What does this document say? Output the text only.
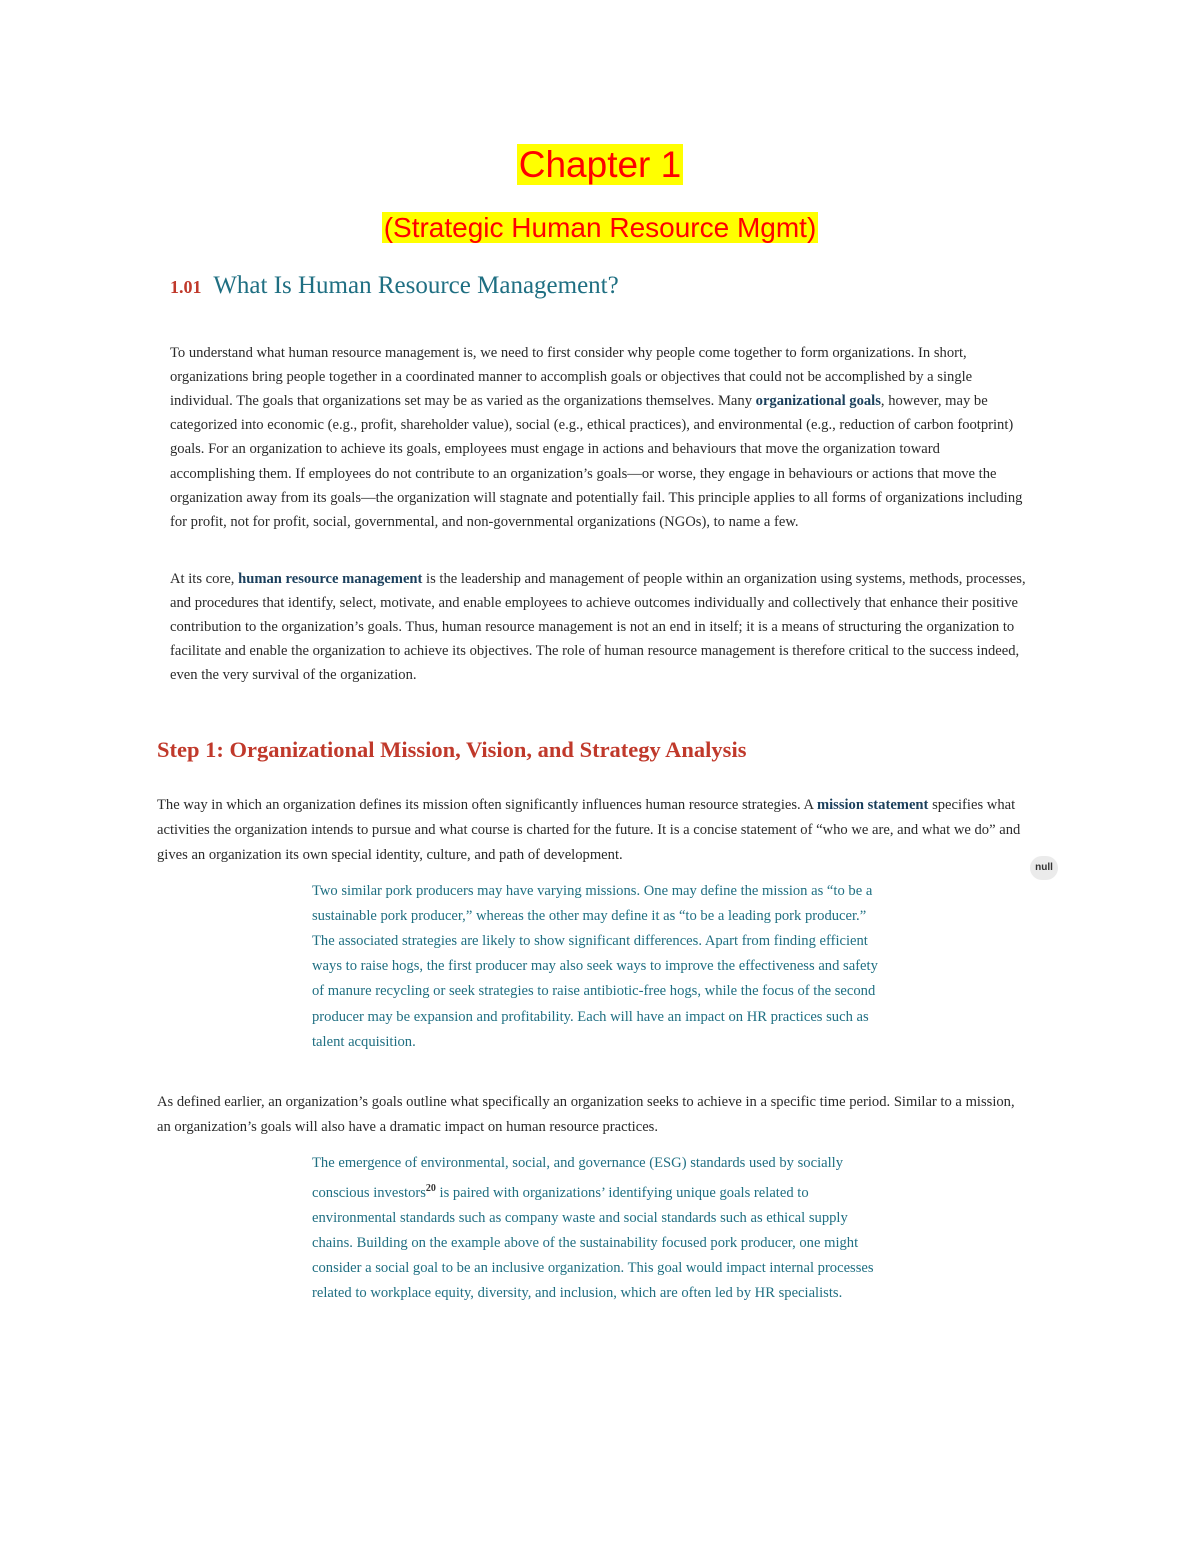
Chapter 1
(Strategic Human Resource Mgmt)
1.01 What Is Human Resource Management?

To understand what human resource management is, we need to first consider why people come together to form organizations. In short, organizations bring people together in a coordinated manner to accomplish goals or objectives that could not be accomplished by a single individual. The goals that organizations set may be as varied as the organizations themselves. Many organizational goals, however, may be categorized into economic (e.g., profit, shareholder value), social (e.g., ethical practices), and environmental (e.g., reduction of carbon footprint) goals. For an organization to achieve its goals, employees must engage in actions and behaviours that move the organization toward accomplishing them. If employees do not contribute to an organization’s goals—or worse, they engage in behaviours or actions that move the organization away from its goals—the organization will stagnate and potentially fail. This principle applies to all forms of organizations including for profit, not for profit, social, governmental, and non-governmental organizations (NGOs), to name a few.

At its core, human resource management is the leadership and management of people within an organization using systems, methods, processes, and procedures that identify, select, motivate, and enable employees to achieve outcomes individually and collectively that enhance their positive contribution to the organization’s goals. Thus, human resource management is not an end in itself; it is a means of structuring the organization to facilitate and enable the organization to achieve its objectives. The role of human resource management is therefore critical to the success indeed, even the very survival of the organization.

Step 1: Organizational Mission, Vision, and Strategy Analysis

The way in which an organization defines its mission often significantly influences human resource strategies. A mission statement specifies what activities the organization intends to pursue and what course is charted for the future. It is a concise statement of “who we are, and what we do” and gives an organization its own special identity, culture, and path of development.

Two similar pork producers may have varying missions. One may define the mission as “to be a sustainable pork producer,” whereas the other may define it as “to be a leading pork producer.” The associated strategies are likely to show significant differences. Apart from finding efficient ways to raise hogs, the first producer may also seek ways to improve the effectiveness and safety of manure recycling or seek strategies to raise antibiotic-free hogs, while the focus of the second producer may be expansion and profitability. Each will have an impact on HR practices such as talent acquisition.

null

As defined earlier, an organization’s goals outline what specifically an organization seeks to achieve in a specific time period. Similar to a mission, an organization’s goals will also have a dramatic impact on human resource practices.

The emergence of environmental, social, and governance (ESG) standards used by socially conscious investors$^{20}$ is paired with organizations’ identifying unique goals related to environmental standards such as company waste and social standards such as ethical supply chains. Building on the example above of the sustainability focused pork producer, one might consider a social goal to be an inclusive organization. This goal would impact internal processes related to workplace equity, diversity, and inclusion, which are often led by HR specialists.
